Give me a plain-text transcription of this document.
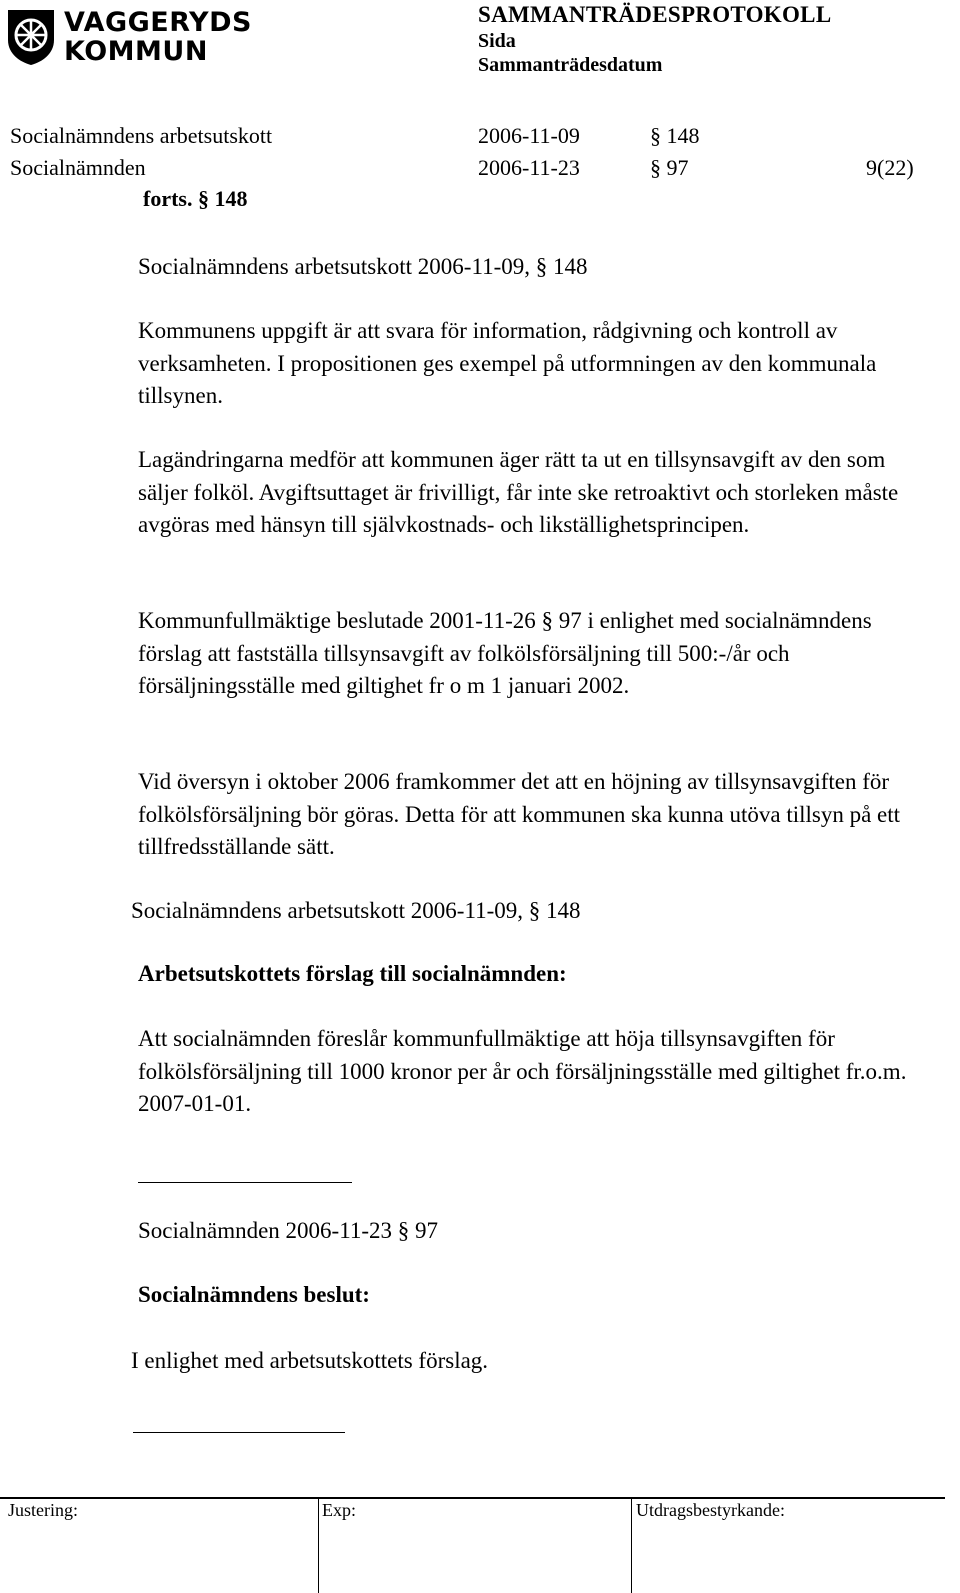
VAGGERYDS
KOMMUN
SAMMANTRÄDESPROTOKOLL
Sida
Sammanträdesdatum
Socialnämndens arbetsutskott	2006-11-09	§ 148
Socialnämnden	2006-11-23	§ 97	9(22)
forts. § 148
Socialnämndens arbetsutskott 2006-11-09, § 148

Kommunens uppgift är att svara för information, rådgivning och kontroll av verksamheten. I propositionen ges exempel på utformningen av den kommunala tillsynen.

Lagändringarna medför att kommunen äger rätt ta ut en tillsynsavgift av den som säljer folköl. Avgiftsuttaget är frivilligt, får inte ske retroaktivt och storleken måste avgöras med hänsyn till självkostnads- och likställighetsprincipen.

Kommunfullmäktige beslutade 2001-11-26 § 97 i enlighet med socialnämndens förslag att fastställa tillsynsavgift av folkölsförsäljning till 500:-/år och försäljningsställe med giltighet fr o m 1 januari 2002.

Vid översyn i oktober 2006 framkommer det att en höjning av tillsynsavgiften för folkölsförsäljning bör göras. Detta för att kommunen ska kunna utöva tillsyn på ett tillfredsställande sätt.

Socialnämndens arbetsutskott 2006-11-09, § 148
Arbetsutskottets förslag till socialnämnden:
Att socialnämnden föreslår kommunfullmäktige att höja tillsynsavgiften för folkölsförsäljning till 1000 kronor per år och försäljningsställe med giltighet fr.o.m. 2007-01-01.
Socialnämnden 2006-11-23 § 97
Socialnämndens beslut:
I enlighet med arbetsutskottets förslag.
Justering:	Exp:	Utdragsbestyrkande:
